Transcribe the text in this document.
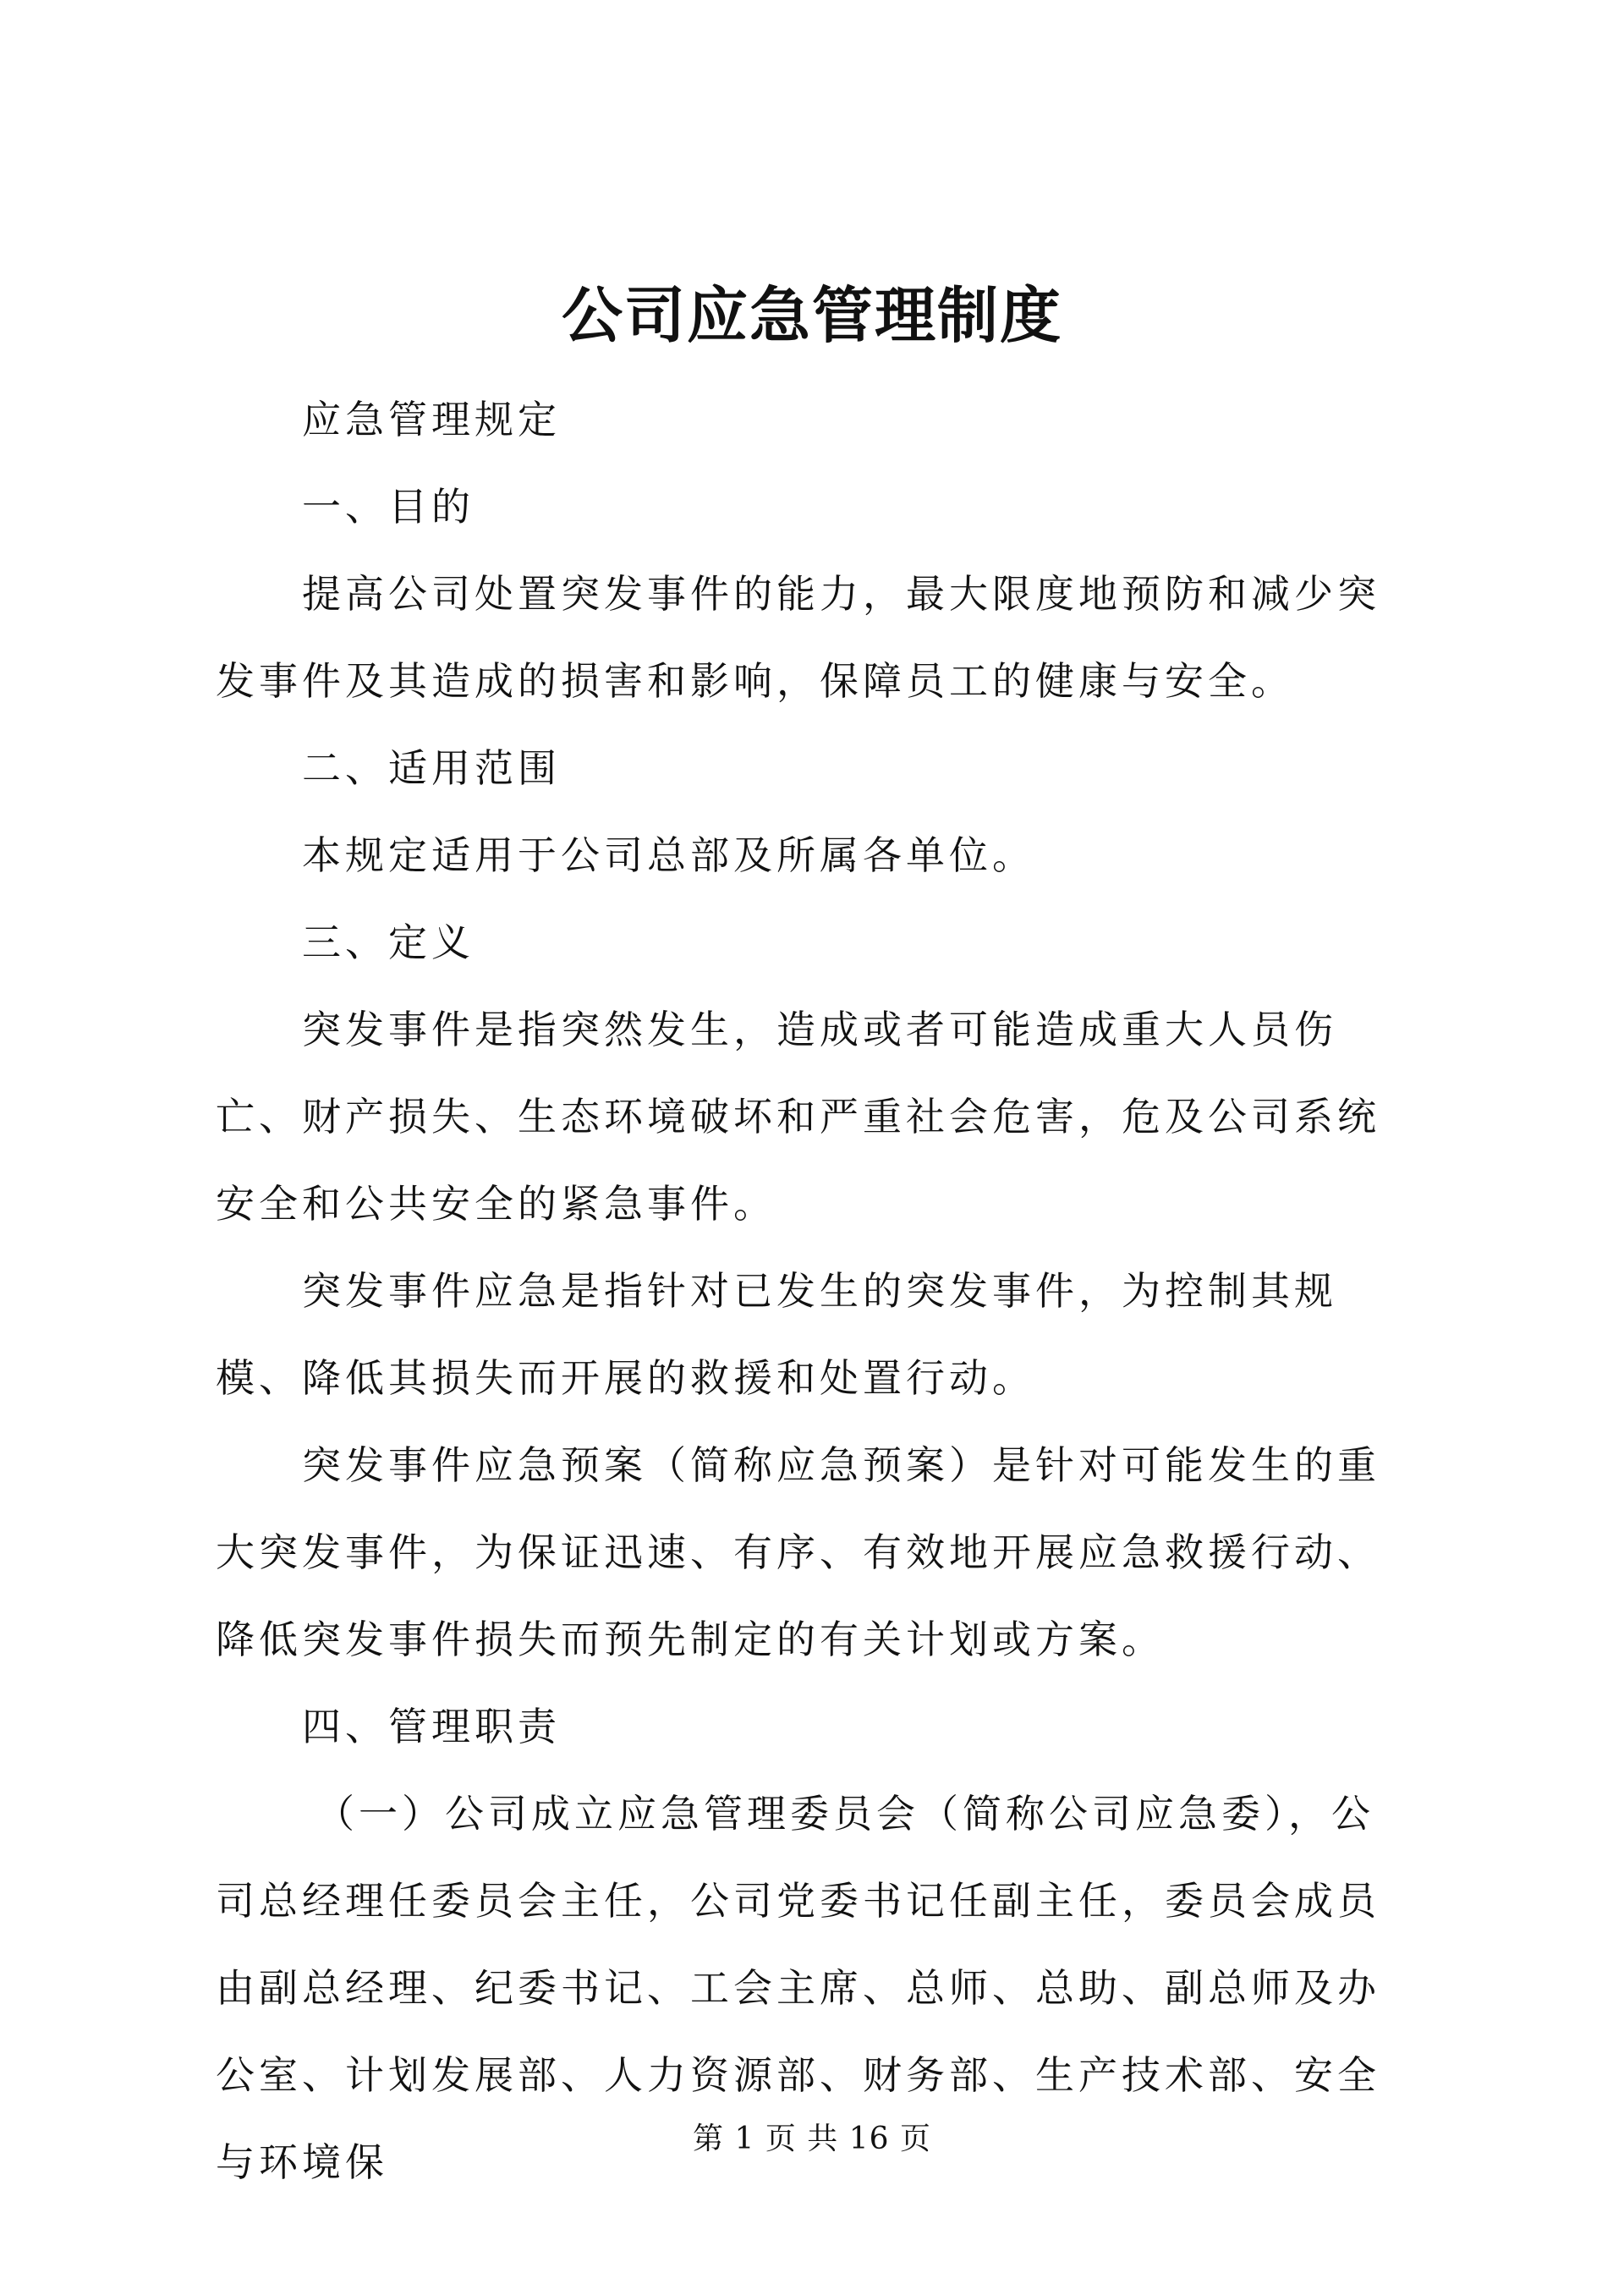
公司应急管理制度

应急管理规定

一、目的

提高公司处置突发事件的能力，最大限度地预防和减少突发事件及其造成的损害和影响，保障员工的健康与安全。

二、适用范围

本规定适用于公司总部及所属各单位。

三、定义

突发事件是指突然发生，造成或者可能造成重大人员伤亡、财产损失、生态环境破坏和严重社会危害，危及公司系统安全和公共安全的紧急事件。

突发事件应急是指针对已发生的突发事件，为控制其规模、降低其损失而开展的救援和处置行动。

突发事件应急预案（简称应急预案）是针对可能发生的重大突发事件，为保证迅速、有序、有效地开展应急救援行动、降低突发事件损失而预先制定的有关计划或方案。

四、管理职责

（一）公司成立应急管理委员会（简称公司应急委），公司总经理任委员会主任，公司党委书记任副主任，委员会成员由副总经理、纪委书记、工会主席、总师、总助、副总师及办公室、计划发展部、人力资源部、财务部、生产技术部、安全与环境保

第 1 页 共 16 页
